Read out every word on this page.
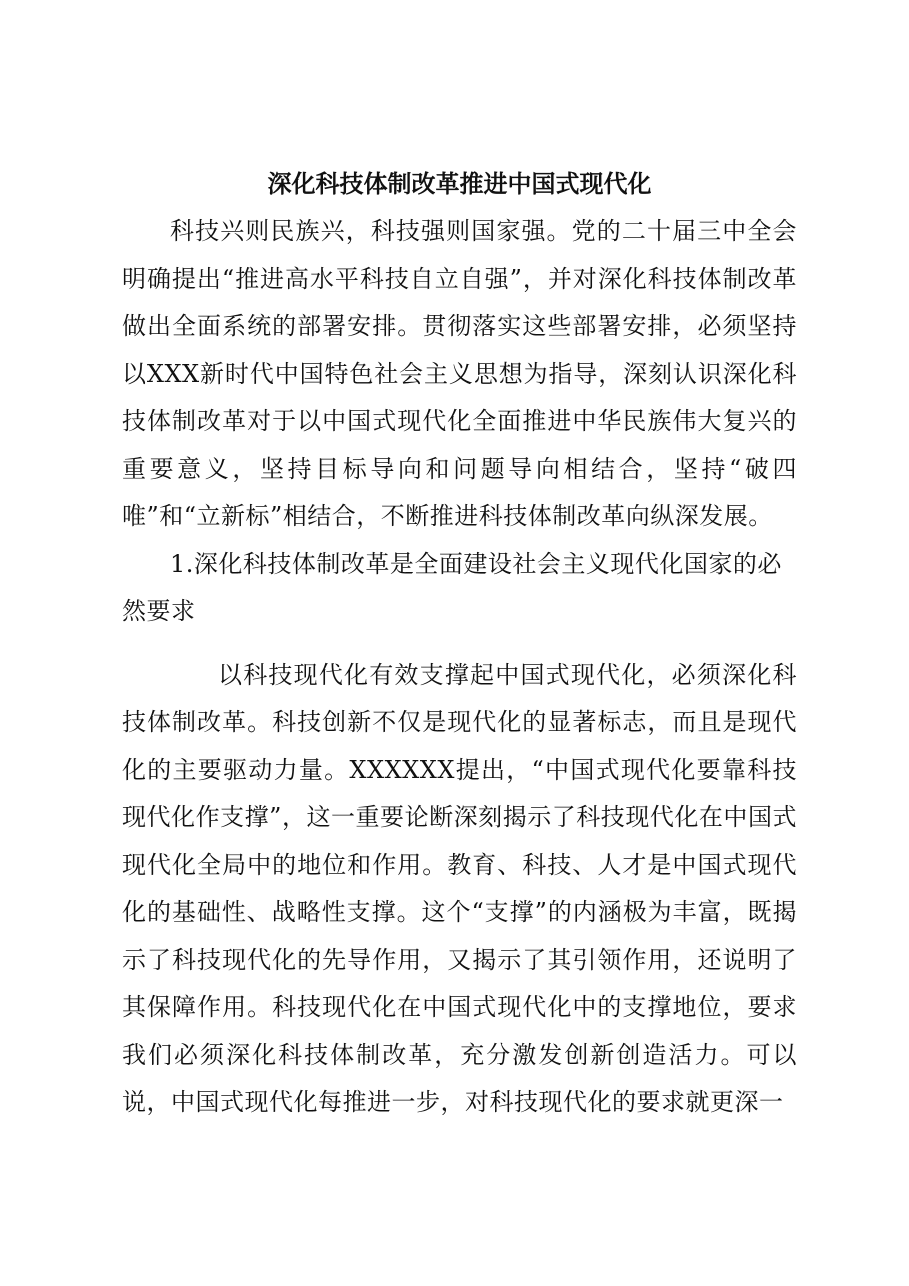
深化科技体制改革推进中国式现代化

科技兴则民族兴，科技强则国家强。党的二十届三中全会明确提出“推进高水平科技自立自强”，并对深化科技体制改革做出全面系统的部署安排。贯彻落实这些部署安排，必须坚持以XXX新时代中国特色社会主义思想为指导，深刻认识深化科技体制改革对于以中国式现代化全面推进中华民族伟大复兴的重要意义，坚持目标导向和问题导向相结合，坚持“破四唯”和“立新标”相结合，不断推进科技体制改革向纵深发展。

1.深化科技体制改革是全面建设社会主义现代化国家的必然要求

以科技现代化有效支撑起中国式现代化，必须深化科技体制改革。科技创新不仅是现代化的显著标志，而且是现代化的主要驱动力量。XXXXXX提出，“中国式现代化要靠科技现代化作支撑”，这一重要论断深刻揭示了科技现代化在中国式现代化全局中的地位和作用。教育、科技、人才是中国式现代化的基础性、战略性支撑。这个“支撑”的内涵极为丰富，既揭示了科技现代化的先导作用，又揭示了其引领作用，还说明了其保障作用。科技现代化在中国式现代化中的支撑地位，要求我们必须深化科技体制改革，充分激发创新创造活力。可以说，中国式现代化每推进一步，对科技现代化的要求就更深一
